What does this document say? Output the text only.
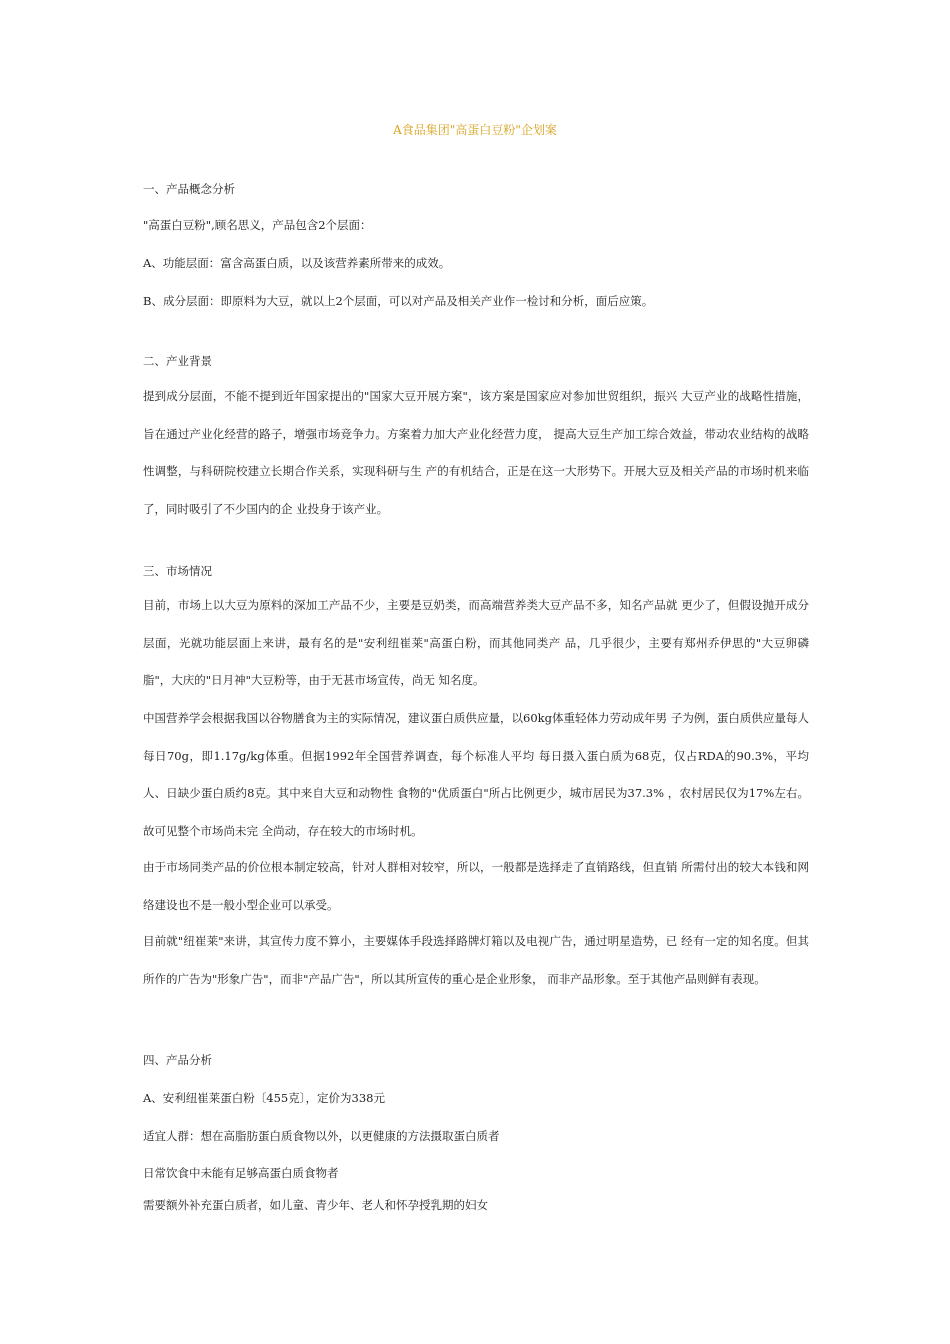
A食品集团"高蛋白豆粉"企划案
一、产品概念分析
"高蛋白豆粉",顾名思义，产品包含2个层面：
A、功能层面：富含高蛋白质，以及该营养素所带来的成效。
B、成分层面：即原料为大豆，就以上2个层面，可以对产品及相关产业作一检讨和分析，面后应策。
二、产业背景
提到成分层面，不能不提到近年国家提出的"国家大豆开展方案"，该方案是国家应对参加世贸组织，振兴 大豆产业的战略性措施，旨在通过产业化经营的路子，增强市场竞争力。方案着力加大产业化经营力度， 提高大豆生产加工综合效益，带动农业结构的战略性调整，与科研院校建立长期合作关系，实现科研与生 产的有机结合，正是在这一大形势下。开展大豆及相关产品的市场时机来临了，同时吸引了不少国内的企 业投身于该产业。
三、市场情况
目前，市场上以大豆为原料的深加工产品不少，主要是豆奶类，而高端营养类大豆产品不多，知名产品就 更少了，但假设抛开成分层面，光就功能层面上来讲，最有名的是"安利纽崔莱"高蛋白粉，而其他同类产 品，几乎很少，主要有郑州乔伊思的"大豆卵磷脂"，大庆的"日月神"大豆粉等，由于无甚市场宣传，尚无 知名度。
中国营养学会根据我国以谷物膳食为主的实际情况，建议蛋白质供应量，以60kg体重轻体力劳动成年男 子为例，蛋白质供应量每人每日70g，即1.17g/kg体重。但据1992年全国营养调查，每个标准人平均 每日摄入蛋白质为68克，仅占RDA的90.3%，平均人、日缺少蛋白质约8克。其中来自大豆和动物性 食物的"优质蛋白"所占比例更少，城市居民为37.3% ，农村居民仅为17%左右。故可见整个市场尚未完 全尚动，存在较大的市场时机。
由于市场同类产品的价位根本制定较高，针对人群相对较窄，所以，一般都是选择走了直销路线，但直销 所需付出的较大本钱和网络建设也不是一般小型企业可以承受。
目前就"纽崔莱"来讲，其宣传力度不算小，主要媒体手段选择路牌灯箱以及电视广告，通过明星造势，已 经有一定的知名度。但其所作的广告为"形象广告"，而非"产品广告"，所以其所宣传的重心是企业形象， 而非产品形象。至于其他产品则鲜有表现。
四、产品分析
A、安利纽崔莱蛋白粉〔455克〕，定价为338元
适宜人群：想在高脂肪蛋白质食物以外，以更健康的方法摄取蛋白质者
日常饮食中未能有足够高蛋白质食物者
需要额外补充蛋白质者，如儿童、青少年、老人和怀孕授乳期的妇女
